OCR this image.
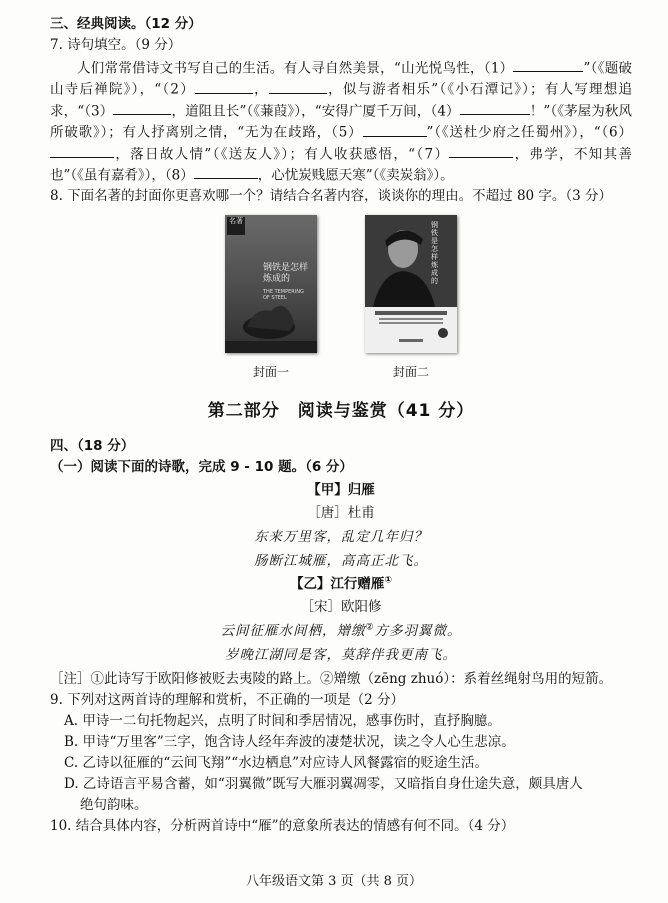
三、经典阅读。（12 分）

7. 诗句填空。（9 分）

人们常常借诗文书写自己的生活。有人寻自然美景，“山光悦鸟性，（1）	”（《题破山寺后禅院》），“（2）	，	，似与游者相乐”（《小石潭记》）；有人写理想追求，“（3）	，道阻且长”（《蒹葭》），“安得广厦千万间，（4）	！”（《茅屋为秋风所破歌》）；有人抒离别之情，“无为在歧路，（5）	”（《送杜少府之任蜀州》），“（6），落日故人情”（《送友人》）；有人收获感悟，“（7）	，弗学，不知其善也”（《虽有嘉肴》），（8）	，心忧炭贱愿天寒”（《卖炭翁》）。

8. 下面名著的封面你更喜欢哪一个？请结合名著内容，谈谈你的理由。不超过 80 字。（3 分）

名著
钢铁是怎样炼成的
THE TEMPERING OF STEEL
封面一
钢铁是怎样炼成的
封面二
第二部分　阅读与鉴赏（41 分）
四、（18 分）
（一）阅读下面的诗歌，完成 9 - 10 题。（6 分）
【甲】归雁
［唐］杜甫
东来万里客，乱定几年归？
肠断江城雁，高高正北飞。
【乙】江行赠雁①
［宋］欧阳修
云间征雁水间栖，矰缴②方多羽翼微。
岁晚江湖同是客，莫辞伴我更南飞。

［注］①此诗写于欧阳修被贬去夷陵的路上。②矰缴（zēng zhuó）：系着丝绳射鸟用的短箭。

9. 下列对这两首诗的理解和赏析，不正确的一项是（2 分）

A. 甲诗一二句托物起兴，点明了时间和季居情况，感事伤时，直抒胸臆。
B. 甲诗“万里客”三字，饱含诗人经年奔波的凄楚状况，读之令人心生悲凉。
C. 乙诗以征雁的“云间飞翔”“水边栖息”对应诗人风餐露宿的贬途生活。
D. 乙诗语言平易含蓄，如“羽翼微”既写大雁羽翼凋零，又暗指自身仕途失意，颇具唐人
绝句韵味。

10. 结合具体内容，分析两首诗中“雁”的意象所表达的情感有何不同。（4 分）

八年级语文第 3 页（共 8 页）
